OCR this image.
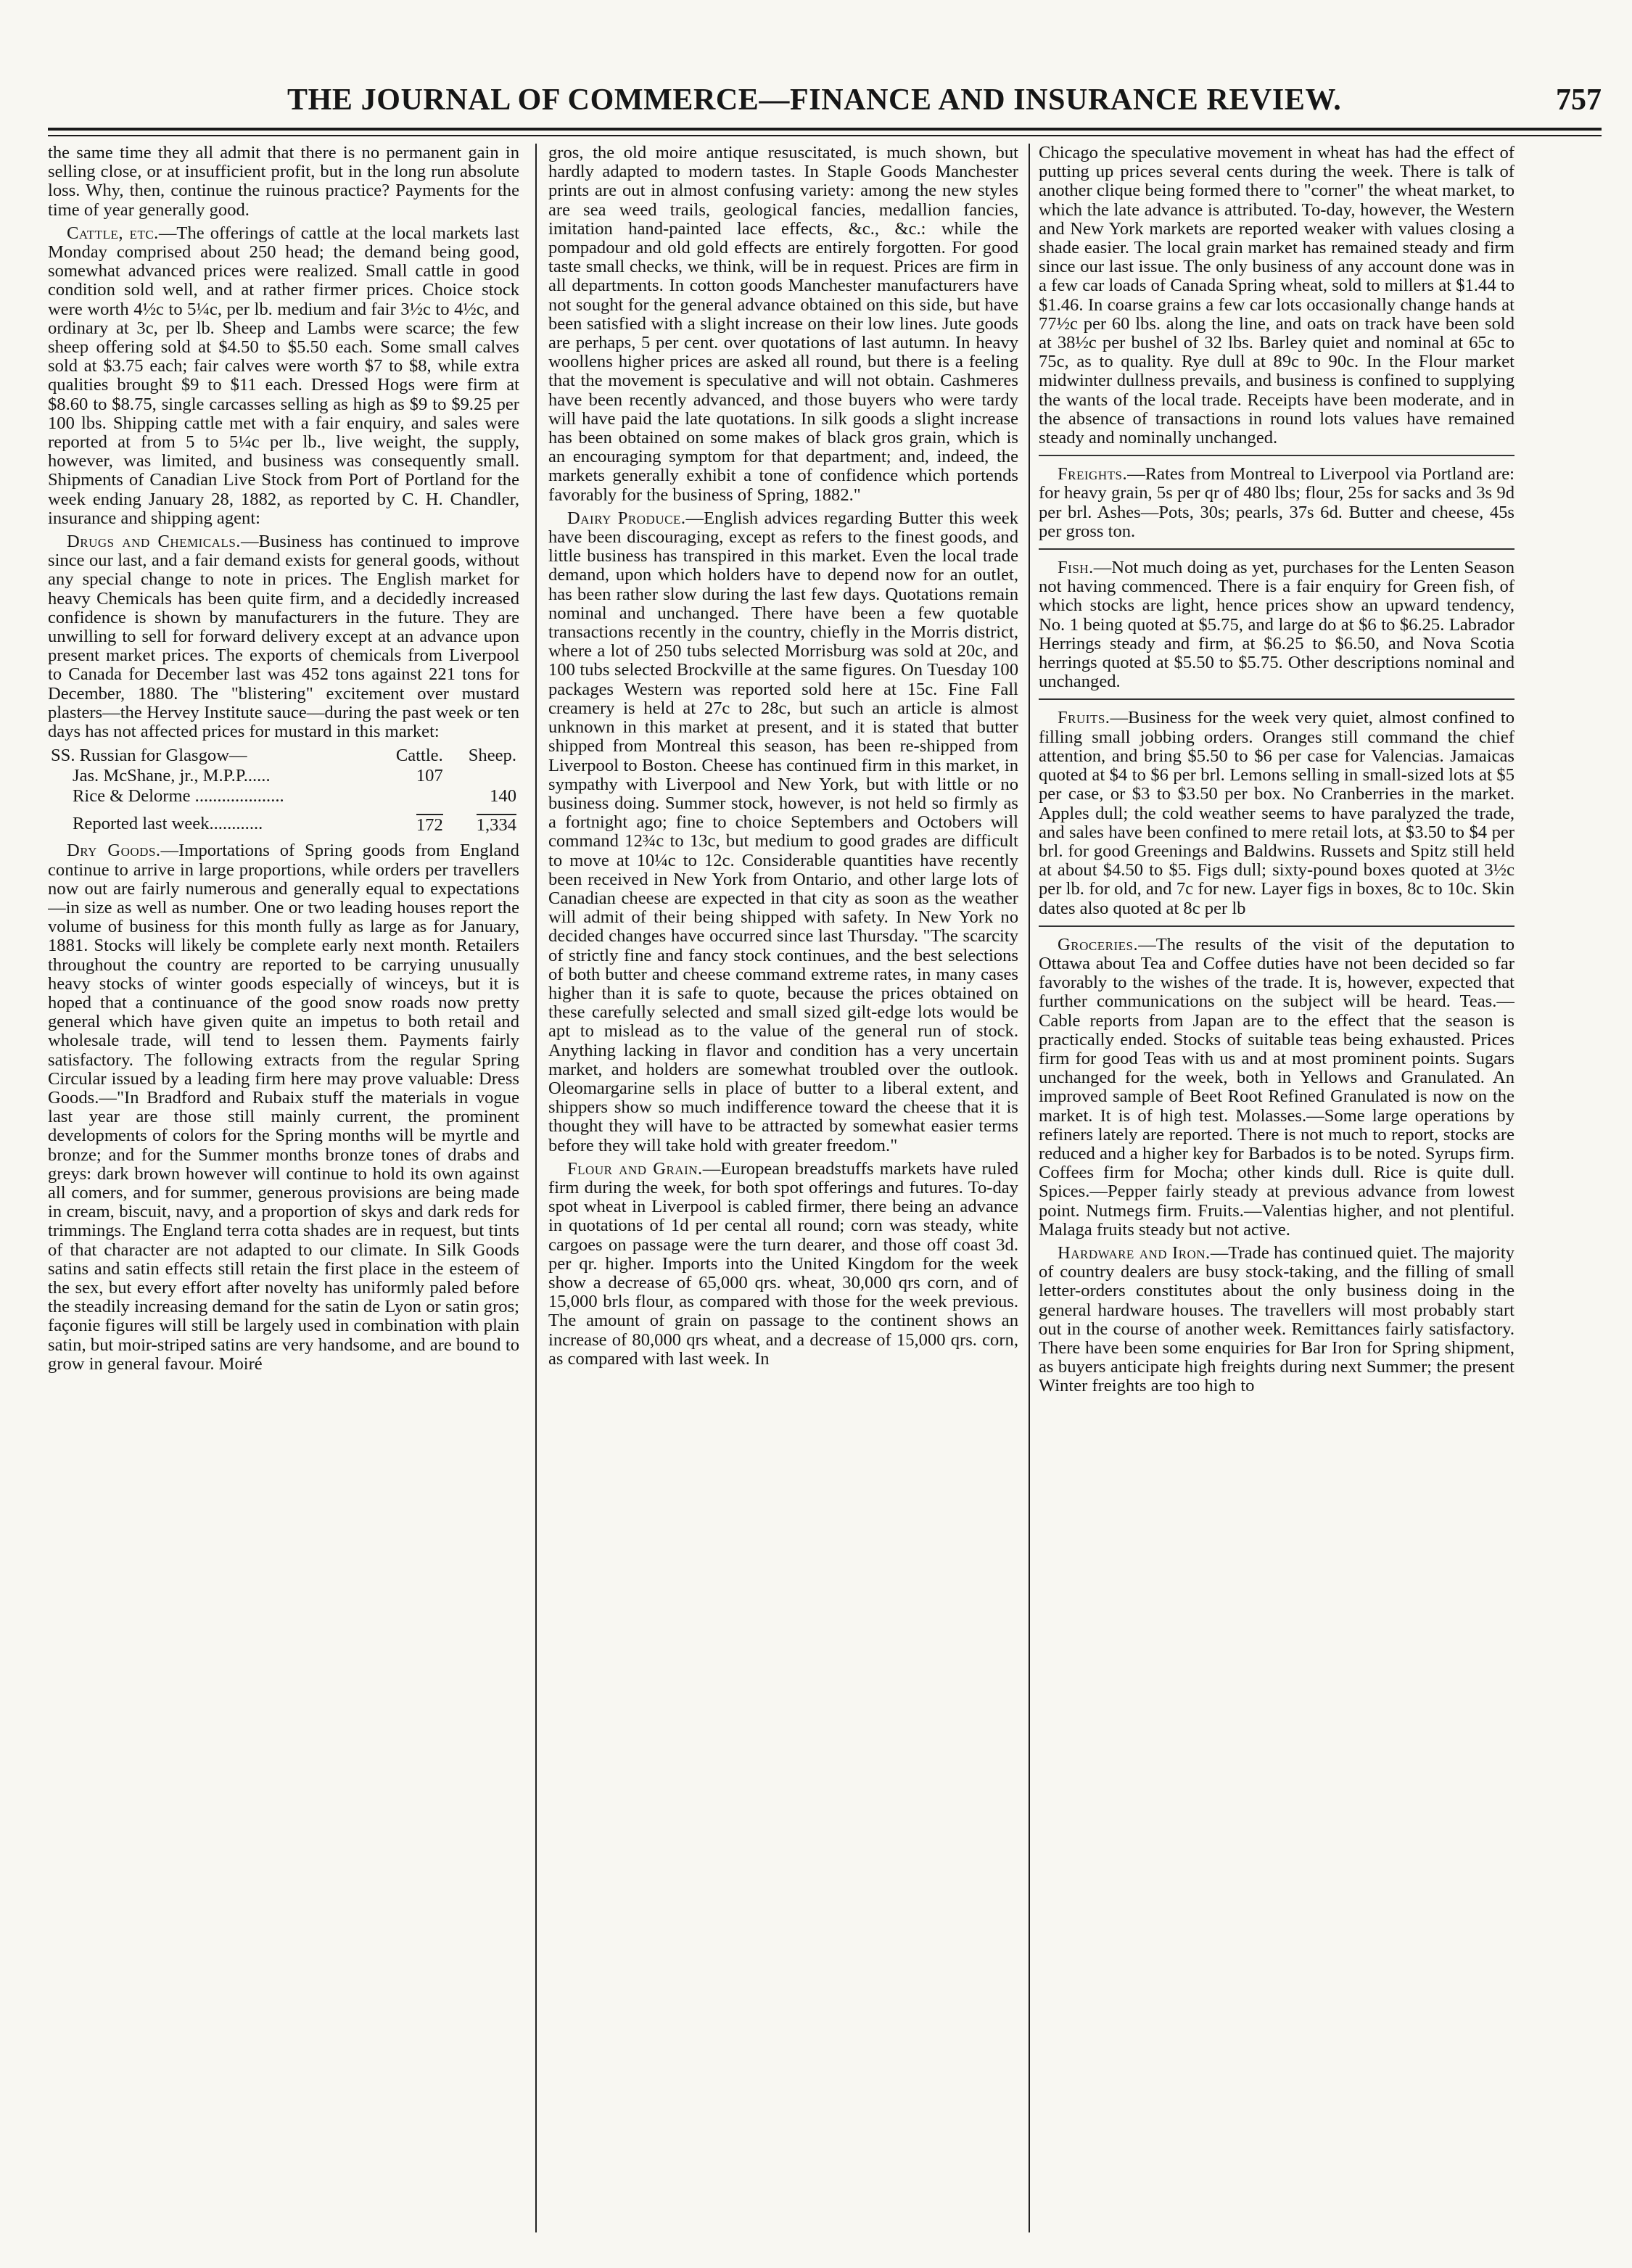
THE JOURNAL OF COMMERCE—FINANCE AND INSURANCE REVIEW.	757

the same time they all admit that there is no permanent gain in selling close, or at insufficient profit, but in the long run absolute loss. Why, then, continue the ruinous practice? Payments for the time of year generally good.

Cattle, etc.—The offerings of cattle at the local markets last Monday comprised about 250 head; the demand being good, somewhat advanced prices were realized. Small cattle in good condition sold well, and at rather firmer prices. Choice stock were worth 4½c to 5¼c, per lb. medium and fair 3½c to 4½c, and ordinary at 3c, per lb. Sheep and Lambs were scarce; the few sheep offering sold at $4.50 to $5.50 each. Some small calves sold at $3.75 each; fair calves were worth $7 to $8, while extra qualities brought $9 to $11 each. Dressed Hogs were firm at $8.60 to $8.75, single carcasses selling as high as $9 to $9.25 per 100 lbs. Shipping cattle met with a fair enquiry, and sales were reported at from 5 to 5¼c per lb., live weight, the supply, however, was limited, and business was consequently small. Shipments of Canadian Live Stock from Port of Portland for the week ending January 28, 1882, as reported by C. H. Chandler, insurance and shipping agent:

Drugs and Chemicals.—Business has continued to improve since our last, and a fair demand exists for general goods, without any special change to note in prices. The English market for heavy Chemicals has been quite firm, and a decidedly increased confidence is shown by manufacturers in the future. They are unwilling to sell for forward delivery except at an advance upon present market prices. The exports of chemicals from Liverpool to Canada for December last was 452 tons against 221 tons for December, 1880. The "blistering" excitement over mustard plasters—the Hervey Institute sauce—during the past week or ten days has not affected prices for mustard in this market:

SS. Russian for Glasgow—	Cattle.	Sheep.
Jas. McShane, jr., M.P.P......	107	
Rice & Delorme ....................		140
Reported last week............	172	1,334

Dry Goods.—Importations of Spring goods from England continue to arrive in large proportions, while orders per travellers now out are fairly numerous and generally equal to expectations—in size as well as number. One or two leading houses report the volume of business for this month fully as large as for January, 1881. Stocks will likely be complete early next month. Retailers throughout the country are reported to be carrying unusually heavy stocks of winter goods especially of winceys, but it is hoped that a continuance of the good snow roads now pretty general which have given quite an impetus to both retail and wholesale trade, will tend to lessen them. Payments fairly satisfactory. The following extracts from the regular Spring Circular issued by a leading firm here may prove valuable: Dress Goods.—"In Bradford and Rubaix stuff the materials in vogue last year are those still mainly current, the prominent developments of colors for the Spring months will be myrtle and bronze; and for the Summer months bronze tones of drabs and greys: dark brown however will continue to hold its own against all comers, and for summer, generous provisions are being made in cream, biscuit, navy, and a proportion of skys and dark reds for trimmings. The England terra cotta shades are in request, but tints of that character are not adapted to our climate. In Silk Goods satins and satin effects still retain the first place in the esteem of the sex, but every effort after novelty has uniformly paled before the steadily increasing demand for the satin de Lyon or satin gros; façonie figures will still be largely used in combination with plain satin, but moir-striped satins are very handsome, and are bound to grow in general favour. Moiré

gros, the old moire antique resuscitated, is much shown, but hardly adapted to modern tastes. In Staple Goods Manchester prints are out in almost confusing variety: among the new styles are sea weed trails, geological fancies, medallion fancies, imitation hand-painted lace effects, &c., &c.: while the pompadour and old gold effects are entirely forgotten. For good taste small checks, we think, will be in request. Prices are firm in all departments. In cotton goods Manchester manufacturers have not sought for the general advance obtained on this side, but have been satisfied with a slight increase on their low lines. Jute goods are perhaps, 5 per cent. over quotations of last autumn. In heavy woollens higher prices are asked all round, but there is a feeling that the movement is speculative and will not obtain. Cashmeres have been recently advanced, and those buyers who were tardy will have paid the late quotations. In silk goods a slight increase has been obtained on some makes of black gros grain, which is an encouraging symptom for that department; and, indeed, the markets generally exhibit a tone of confidence which portends favorably for the business of Spring, 1882."

Dairy Produce.—English advices regarding Butter this week have been discouraging, except as refers to the finest goods, and little business has transpired in this market. Even the local trade demand, upon which holders have to depend now for an outlet, has been rather slow during the last few days. Quotations remain nominal and unchanged. There have been a few quotable transactions recently in the country, chiefly in the Morris district, where a lot of 250 tubs selected Morrisburg was sold at 20c, and 100 tubs selected Brockville at the same figures. On Tuesday 100 packages Western was reported sold here at 15c. Fine Fall creamery is held at 27c to 28c, but such an article is almost unknown in this market at present, and it is stated that butter shipped from Montreal this season, has been re-shipped from Liverpool to Boston. Cheese has continued firm in this market, in sympathy with Liverpool and New York, but with little or no business doing. Summer stock, however, is not held so firmly as a fortnight ago; fine to choice Septembers and Octobers will command 12¾c to 13c, but medium to good grades are difficult to move at 10¼c to 12c. Considerable quantities have recently been received in New York from Ontario, and other large lots of Canadian cheese are expected in that city as soon as the weather will admit of their being shipped with safety. In New York no decided changes have occurred since last Thursday. "The scarcity of strictly fine and fancy stock continues, and the best selections of both butter and cheese command extreme rates, in many cases higher than it is safe to quote, because the prices obtained on these carefully selected and small sized gilt-edge lots would be apt to mislead as to the value of the general run of stock. Anything lacking in flavor and condition has a very uncertain market, and holders are somewhat troubled over the outlook. Oleomargarine sells in place of butter to a liberal extent, and shippers show so much indifference toward the cheese that it is thought they will have to be attracted by somewhat easier terms before they will take hold with greater freedom."

Flour and Grain.—European breadstuffs markets have ruled firm during the week, for both spot offerings and futures. To-day spot wheat in Liverpool is cabled firmer, there being an advance in quotations of 1d per cental all round; corn was steady, white cargoes on passage were the turn dearer, and those off coast 3d. per qr. higher. Imports into the United Kingdom for the week show a decrease of 65,000 qrs. wheat, 30,000 qrs corn, and of 15,000 brls flour, as compared with those for the week previous. The amount of grain on passage to the continent shows an increase of 80,000 qrs wheat, and a decrease of 15,000 qrs. corn, as compared with last week. In

Chicago the speculative movement in wheat has had the effect of putting up prices several cents during the week. There is talk of another clique being formed there to "corner" the wheat market, to which the late advance is attributed. To-day, however, the Western and New York markets are reported weaker with values closing a shade easier. The local grain market has remained steady and firm since our last issue. The only business of any account done was in a few car loads of Canada Spring wheat, sold to millers at $1.44 to $1.46. In coarse grains a few car lots occasionally change hands at 77½c per 60 lbs. along the line, and oats on track have been sold at 38½c per bushel of 32 lbs. Barley quiet and nominal at 65c to 75c, as to quality. Rye dull at 89c to 90c. In the Flour market midwinter dullness prevails, and business is confined to supplying the wants of the local trade. Receipts have been moderate, and in the absence of transactions in round lots values have remained steady and nominally unchanged.

Freights.—Rates from Montreal to Liverpool via Portland are: for heavy grain, 5s per qr of 480 lbs; flour, 25s for sacks and 3s 9d per brl. Ashes—Pots, 30s; pearls, 37s 6d. Butter and cheese, 45s per gross ton.

Fish.—Not much doing as yet, purchases for the Lenten Season not having commenced. There is a fair enquiry for Green fish, of which stocks are light, hence prices show an upward tendency, No. 1 being quoted at $5.75, and large do at $6 to $6.25. Labrador Herrings steady and firm, at $6.25 to $6.50, and Nova Scotia herrings quoted at $5.50 to $5.75. Other descriptions nominal and unchanged.

Fruits.—Business for the week very quiet, almost confined to filling small jobbing orders. Oranges still command the chief attention, and bring $5.50 to $6 per case for Valencias. Jamaicas quoted at $4 to $6 per brl. Lemons selling in small-sized lots at $5 per case, or $3 to $3.50 per box. No Cranberries in the market. Apples dull; the cold weather seems to have paralyzed the trade, and sales have been confined to mere retail lots, at $3.50 to $4 per brl. for good Greenings and Baldwins. Russets and Spitz still held at about $4.50 to $5. Figs dull; sixty-pound boxes quoted at 3½c per lb. for old, and 7c for new. Layer figs in boxes, 8c to 10c. Skin dates also quoted at 8c per lb

Groceries.—The results of the visit of the deputation to Ottawa about Tea and Coffee duties have not been decided so far favorably to the wishes of the trade. It is, however, expected that further communications on the subject will be heard. Teas.—Cable reports from Japan are to the effect that the season is practically ended. Stocks of suitable teas being exhausted. Prices firm for good Teas with us and at most prominent points. Sugars unchanged for the week, both in Yellows and Granulated. An improved sample of Beet Root Refined Granulated is now on the market. It is of high test. Molasses.—Some large operations by refiners lately are reported. There is not much to report, stocks are reduced and a higher key for Barbados is to be noted. Syrups firm. Coffees firm for Mocha; other kinds dull. Rice is quite dull. Spices.—Pepper fairly steady at previous advance from lowest point. Nutmegs firm. Fruits.—Valentias higher, and not plentiful. Malaga fruits steady but not active.

Hardware and Iron.—Trade has continued quiet. The majority of country dealers are busy stock-taking, and the filling of small letter-orders constitutes about the only business doing in the general hardware houses. The travellers will most probably start out in the course of another week. Remittances fairly satisfactory. There have been some enquiries for Bar Iron for Spring shipment, as buyers anticipate high freights during next Summer; the present Winter freights are too high to
